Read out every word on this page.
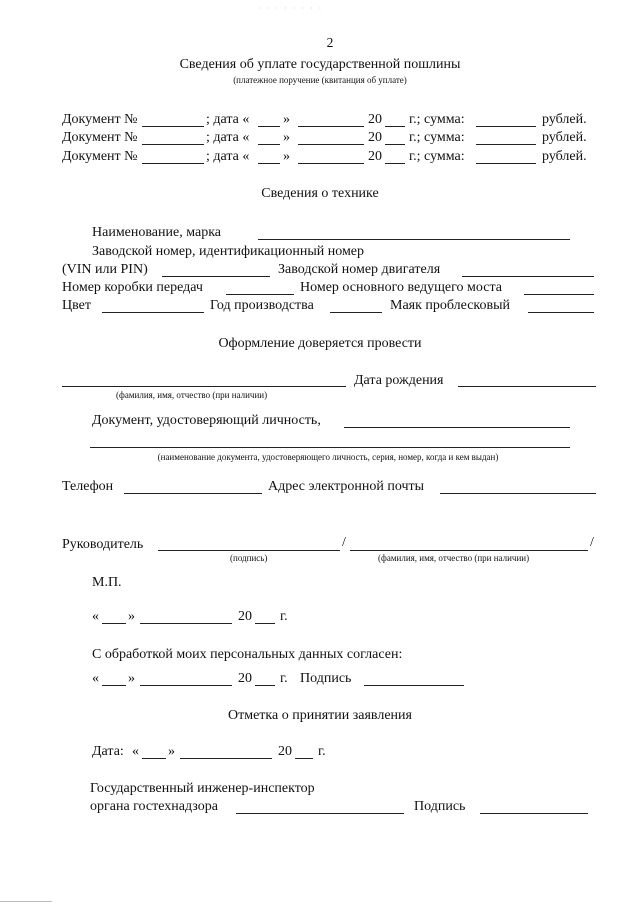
· · · · · · · ·
2
Сведения об уплате государственной пошлины
(платежное поручение (квитанция об уплате)
Документ №	; дата « »	20 г.; сумма:	рублей.
Документ №	; дата « »	20 г.; сумма:	рублей.
Документ №	; дата « »	20 г.; сумма:	рублей.
Сведения о технике
Наименование, марка
Заводской номер, идентификационный номер
(VIN или PIN)	Заводской номер двигателя
Номер коробки передач	Номер основного ведущего моста
Цвет	Год производства	Маяк проблесковый
Оформление доверяется провести
Дата рождения
(фамилия, имя, отчество (при наличии)
Документ, удостоверяющий личность,
(наименование документа, удостоверяющего личность, серия, номер, когда и кем выдан)
Телефон	Адрес электронной почты
Руководитель	/	/
(подпись)	(фамилия, имя, отчество (при наличии)
М.П.
« »	20 г.
С обработкой моих персональных данных согласен:
« »	20 г. Подпись
Отметка о принятии заявления
Дата: « »	20 г.
Государственный инженер-инспектор
органа гостехнадзора	Подпись
